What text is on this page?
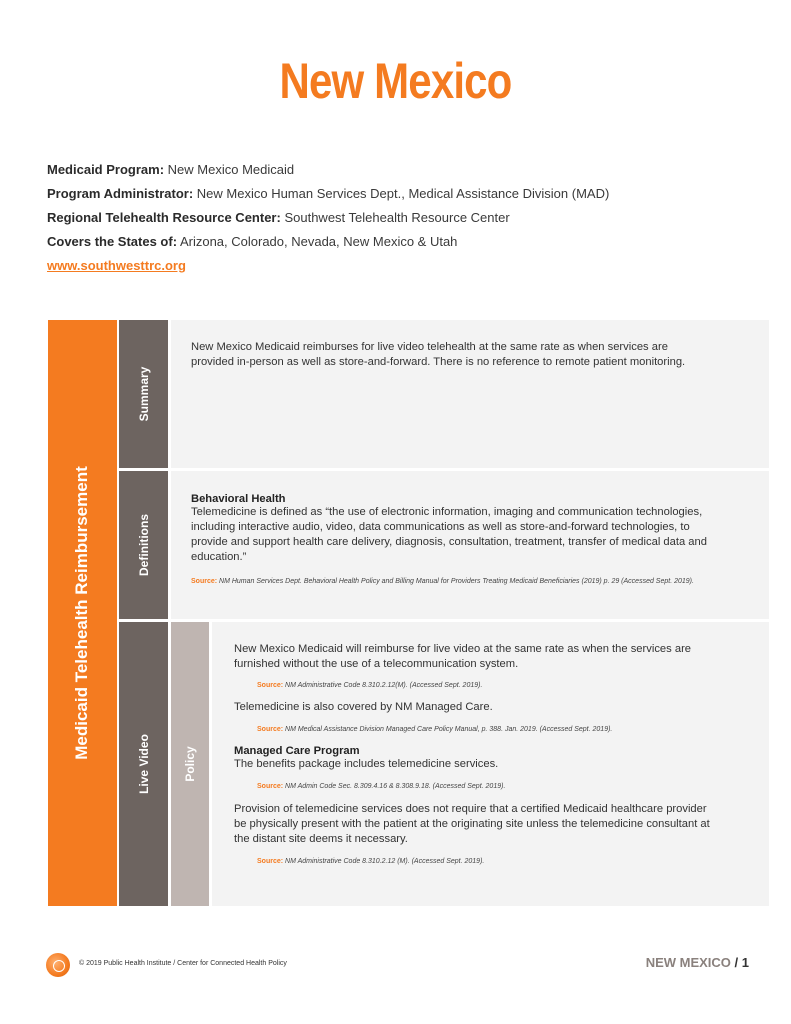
New Mexico
Medicaid Program: New Mexico Medicaid
Program Administrator: New Mexico Human Services Dept., Medical Assistance Division (MAD)
Regional Telehealth Resource Center: Southwest Telehealth Resource Center
Covers the States of: Arizona, Colorado, Nevada, New Mexico & Utah
www.southwesttrc.org
Medicaid Telehealth Reimbursement
Summary

New Mexico Medicaid reimburses for live video telehealth at the same rate as when services are provided in-person as well as store-and-forward. There is no reference to remote patient monitoring.

Definitions

Behavioral Health

Telemedicine is defined as “the use of electronic information, imaging and communication technologies, including interactive audio, video, data communications as well as store-and-forward technologies, to provide and support health care delivery, diagnosis, consultation, treatment, transfer of medical data and education.”

Source: NM Human Services Dept. Behavioral Health Policy and Billing Manual for Providers Treating Medicaid Beneficiaries (2019) p. 29 (Accessed Sept. 2019).

Live Video	Policy

New Mexico Medicaid will reimburse for live video at the same rate as when the services are furnished without the use of a telecommunication system.

Source: NM Administrative Code 8.310.2.12(M). (Accessed Sept. 2019).

Telemedicine is also covered by NM Managed Care.

Source: NM Medical Assistance Division Managed Care Policy Manual, p. 388. Jan. 2019. (Accessed Sept. 2019).

Managed Care Program

The benefits package includes telemedicine services.

Source: NM Admin Code Sec. 8.309.4.16 & 8.308.9.18. (Accessed Sept. 2019).

Provision of telemedicine services does not require that a certified Medicaid healthcare provider be physically present with the patient at the originating site unless the telemedicine consultant at the distant site deems it necessary.

Source: NM Administrative Code 8.310.2.12 (M). (Accessed Sept. 2019).

© 2019 Public Health Institute / Center for Connected Health Policy	NEW MEXICO / 1
